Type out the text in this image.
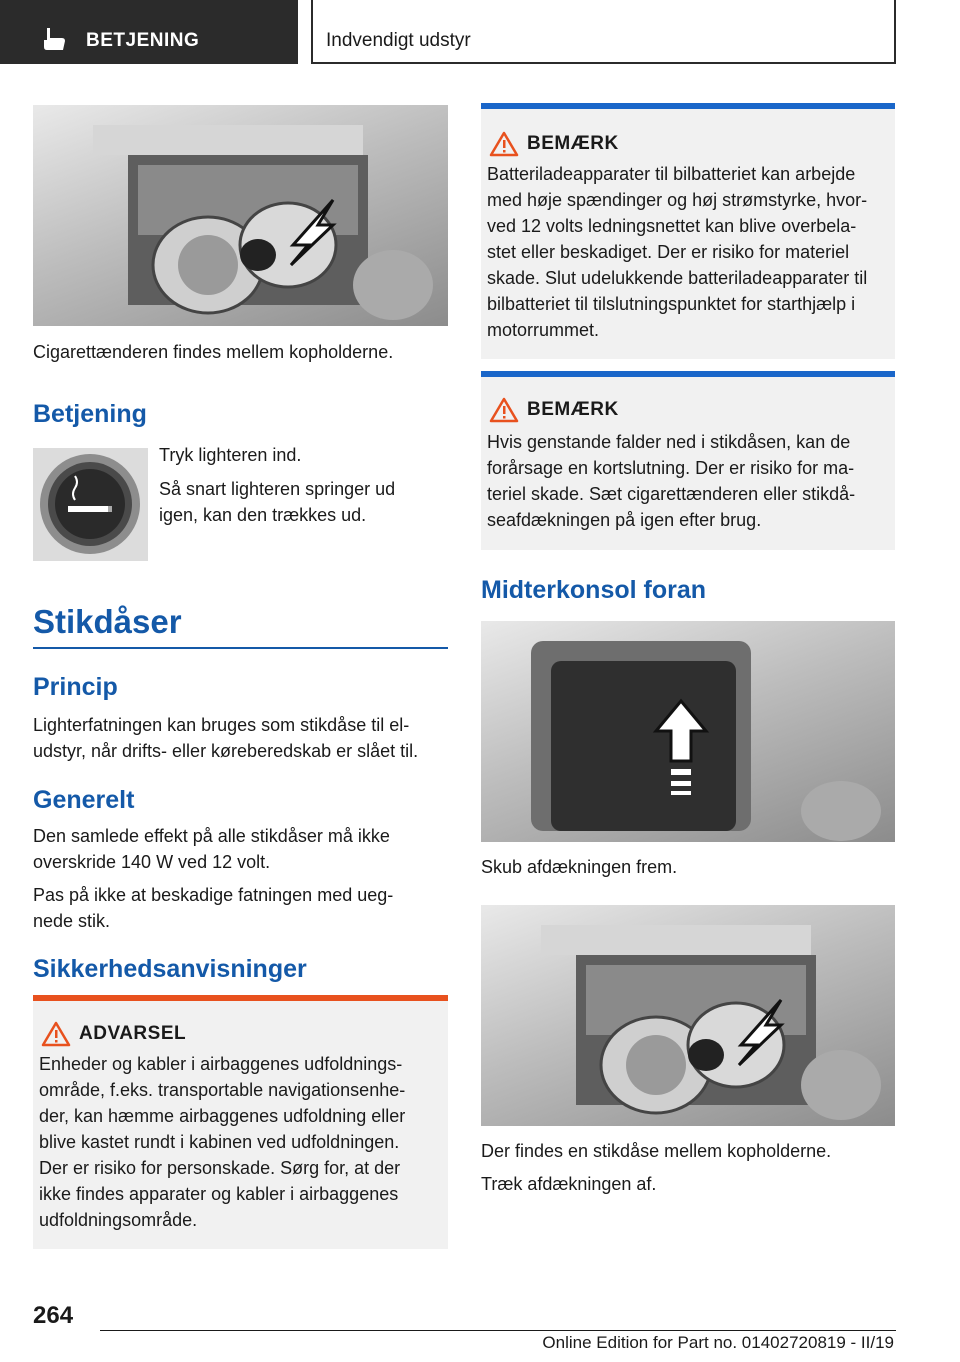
BETJENING	Indvendigt udstyr

Cigarettænderen findes mellem kopholderne.

Betjening

Tryk lighteren ind.

Så snart lighteren springer ud

igen, kan den trækkes ud.

Stikdåser
Princip

Lighterfatningen kan bruges som stikdåse til el‐

udstyr, når drifts- eller køreberedskab er slået til.

Generelt

Den samlede effekt på alle stikdåser må ikke

overskride 140 W ved 12 volt.

Pas på ikke at beskadige fatningen med ueg‐

nede stik.

Sikkerhedsanvisninger
ADVARSEL

Enheder og kabler i airbaggenes udfoldnings‐

område, f.eks. transportable navigationsenhe‐

der, kan hæmme airbaggenes udfoldning eller

blive kastet rundt i kabinen ved udfoldningen.

Der er risiko for personskade. Sørg for, at der

ikke findes apparater og kabler i airbaggenes

udfoldningsområde.

BEMÆRK

Batteriladeapparater til bilbatteriet kan arbejde

med høje spændinger og høj strømstyrke, hvor‐

ved 12 volts ledningsnettet kan blive overbela‐

stet eller beskadiget. Der er risiko for materiel

skade. Slut udelukkende batteriladeapparater til

bilbatteriet til tilslutningspunktet for starthjælp i

motorrummet.

BEMÆRK

Hvis genstande falder ned i stikdåsen, kan de

forårsage en kortslutning. Der er risiko for ma‐

teriel skade. Sæt cigarettænderen eller stikdå‐

seafdækningen på igen efter brug.

Midterkonsol foran

Skub afdækningen frem.

Der findes en stikdåse mellem kopholderne.

Træk afdækningen af.

264
Online Edition for Part no. 01402720819 - II/19
